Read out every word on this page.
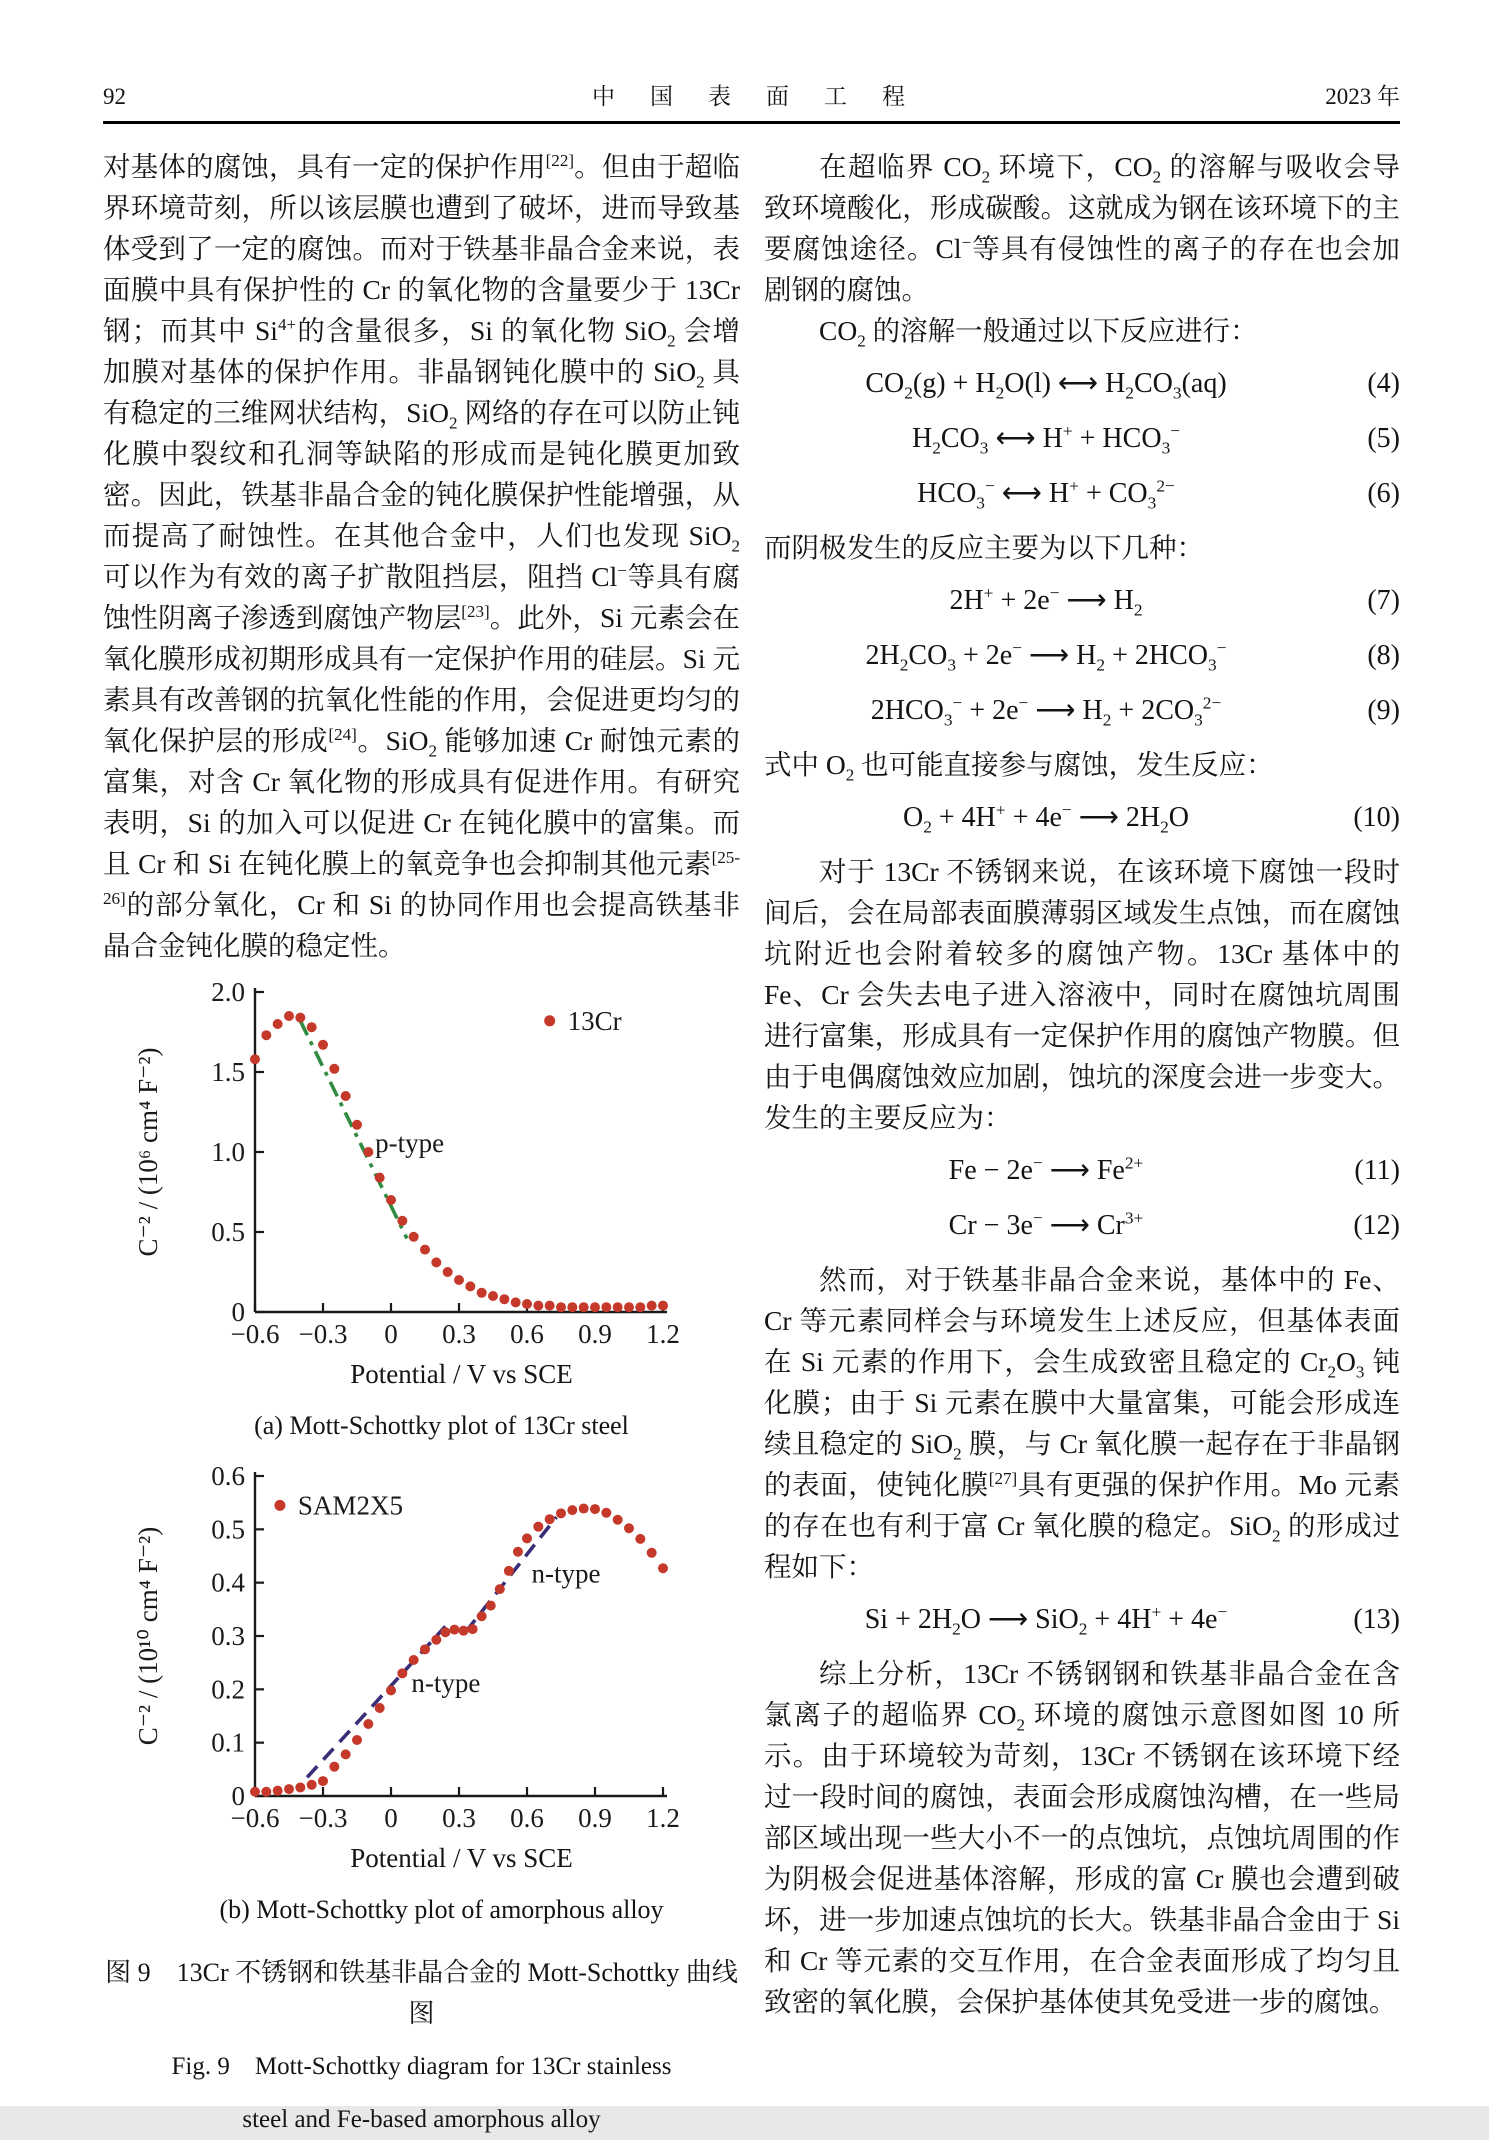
92	中　国　表　面　工　程	2023 年

对基体的腐蚀，具有一定的保护作用[22]。但由于超临界环境苛刻，所以该层膜也遭到了破坏，进而导致基体受到了一定的腐蚀。而对于铁基非晶合金来说，表面膜中具有保护性的 Cr 的氧化物的含量要少于 13Cr 钢；而其中 $Si^{4+}$的含量很多，Si 的氧化物 SiO$_2$ 会增加膜对基体的保护作用。非晶钢钝化膜中的 SiO$_2$ 具有稳定的三维网状结构，SiO$_2$ 网络的存在可以防止钝化膜中裂纹和孔洞等缺陷的形成而是钝化膜更加致密。因此，铁基非晶合金的钝化膜保护性能增强，从而提高了耐蚀性。在其他合金中，人们也发现 SiO$_2$ 可以作为有效的离子扩散阻挡层，阻挡 Cl−等具有腐蚀性阴离子渗透到腐蚀产物层[23]。此外，Si 元素会在氧化膜形成初期形成具有一定保护作用的硅层。Si 元素具有改善钢的抗氧化性能的作用，会促进更均匀的氧化保护层的形成[24]。SiO$_2$ 能够加速 Cr 耐蚀元素的富集，对含 Cr 氧化物的形成具有促进作用。有研究表明，Si 的加入可以促进 Cr 在钝化膜中的富集。而且 Cr 和 Si 在钝化膜上的氧竞争也会抑制其他元素[25-26]的部分氧化，Cr 和 Si 的协同作用也会提高铁基非晶合金钝化膜的稳定性。

0
0.5
1.0
1.5
2.0
−0.6 −0.3 0 0.3 0.6 0.9 1.2
C⁻² / (10⁶ cm⁴ F⁻²)	p-type
13Cr
Potential / V vs SCE
(a) Mott-Schottky plot of 13Cr steel
0
0.1
0.2
0.3
0.4
0.5
0.6
−0.6 −0.3 0 0.3 0.6 0.9 1.2
C⁻² / (10¹⁰ cm⁴ F⁻²)	n-type
n-type
SAM2X5
Potential / V vs SCE
(b) Mott-Schottky plot of amorphous alloy
图 9　13Cr 不锈钢和铁基非晶合金的 Mott-Schottky 曲线图
Fig. 9　Mott-Schottky diagram for 13Cr stainless
steel and Fe-based amorphous alloy

在超临界 $CO_2$ 环境下，$CO_2$ 的溶解与吸收会导致环境酸化，形成碳酸。这就成为钢在该环境下的主要腐蚀途径。Cl−等具有侵蚀性的离子的存在也会加剧钢的腐蚀。

$CO_2$ 的溶解一般通过以下反应进行：

$CO_2(g) + H_2O(l)$ ⟷ $H_2CO_3(aq)$	(4)
$H_2CO_3$ ⟷ $H^+ + HCO_3^-$	(5)
$HCO_3^-$ ⟷ $H^+ + CO_3^{2-}$	(6)

而阴极发生的反应主要为以下几种：

2H+ + 2e− ⟶ $H_2$	(7)
$2H_2CO_3 + 2e^-$ ⟶ $H_2 + 2HCO_3^-$	(8)
$2HCO_3^- + 2e^-$ ⟶ $H_2 + 2CO_3^{2-}$	(9)

式中 $O_2$ 也可能直接参与腐蚀，发生反应：

$O_2 + 4H^+ + 4e^-$ ⟶ $2H_2O$	(10)

对于 13Cr 不锈钢来说，在该环境下腐蚀一段时间后，会在局部表面膜薄弱区域发生点蚀，而在腐蚀坑附近也会附着较多的腐蚀产物。13Cr 基体中的 Fe、Cr 会失去电子进入溶液中，同时在腐蚀坑周围进行富集，形成具有一定保护作用的腐蚀产物膜。但由于电偶腐蚀效应加剧，蚀坑的深度会进一步变大。发生的主要反应为：

Fe − 2e− ⟶ $Fe^{2+}$	(11)
Cr − 3e− ⟶ $Cr^{3+}$	(12)

然而，对于铁基非晶合金来说，基体中的 Fe、Cr 等元素同样会与环境发生上述反应，但基体表面在 Si 元素的作用下，会生成致密且稳定的 $Cr_2O_3$ 钝化膜；由于 Si 元素在膜中大量富集，可能会形成连续且稳定的 SiO$_2$ 膜，与 Cr 氧化膜一起存在于非晶钢的表面，使钝化膜[27]具有更强的保护作用。Mo 元素的存在也有利于富 Cr 氧化膜的稳定。SiO$_2$ 的形成过程如下：

$Si + 2H_2O$ ⟶ SiO$_2$ + 4H+ + 4e−	(13)

综上分析，13Cr 不锈钢钢和铁基非晶合金在含氯离子的超临界 $CO_2$ 环境的腐蚀示意图如图 10 所示。由于环境较为苛刻，13Cr 不锈钢在该环境下经过一段时间的腐蚀，表面会形成腐蚀沟槽，在一些局部区域出现一些大小不一的点蚀坑，点蚀坑周围的作为阴极会促进基体溶解，形成的富 Cr 膜也会遭到破坏，进一步加速点蚀坑的长大。铁基非晶合金由于 Si 和 Cr 等元素的交互作用，在合金表面形成了均匀且致密的氧化膜，会保护基体使其免受进一步的腐蚀。
